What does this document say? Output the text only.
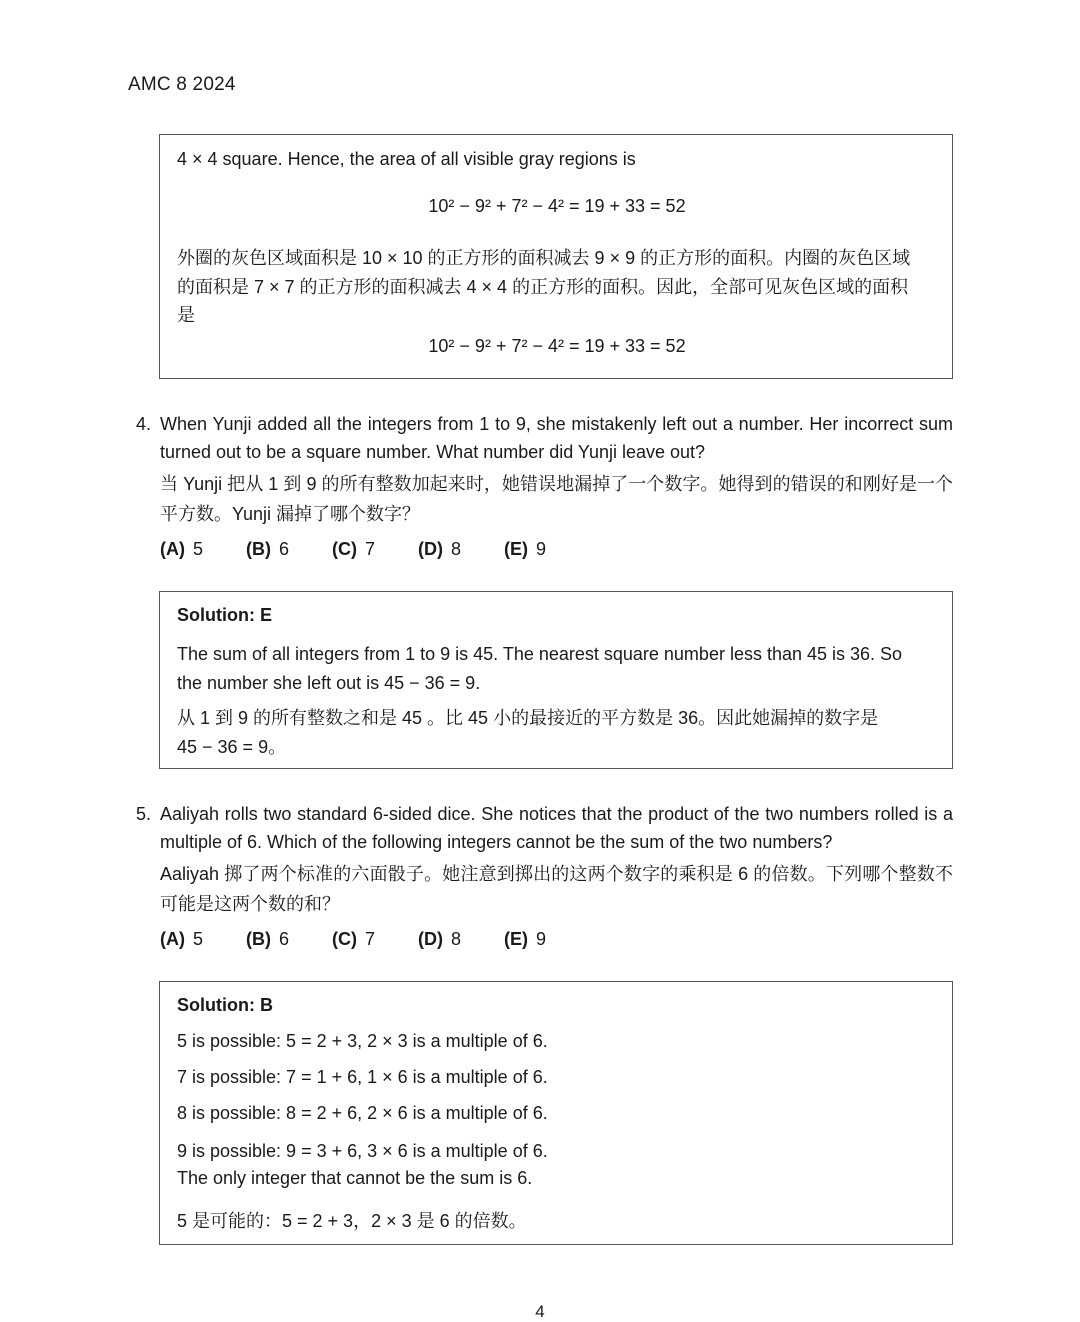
AMC 8 2024
4 × 4 square. Hence, the area of all visible gray regions is
10² − 9² + 7² − 4² = 19 + 33 = 52
外圈的灰色区域面积是 10 × 10 的正方形的面积减去 9 × 9 的正方形的面积。内圈的灰色区域
的面积是 7 × 7 的正方形的面积减去 4 × 4 的正方形的面积。因此，全部可见灰色区域的面积
是
10² − 9² + 7² − 4² = 19 + 33 = 52
4. When Yunji added all the integers from 1 to 9, she mistakenly left out a number. Her incorrect sum turned out to be a square number. What number did Yunji leave out?
当 Yunji 把从 1 到 9 的所有整数加起来时，她错误地漏掉了一个数字。她得到的错误的和刚好是一个平方数。Yunji 漏掉了哪个数字？
(A) 5	(B) 6	(C) 7	(D) 8	(E) 9
Solution: E
The sum of all integers from 1 to 9 is 45. The nearest square number less than 45 is 36. So
the number she left out is 45 − 36 = 9.
从 1 到 9 的所有整数之和是 45 。比 45 小的最接近的平方数是 36。因此她漏掉的数字是
45 − 36 = 9。
5. Aaliyah rolls two standard 6-sided dice. She notices that the product of the two numbers rolled is a multiple of 6. Which of the following integers cannot be the sum of the two numbers?
Aaliyah 掷了两个标准的六面骰子。她注意到掷出的这两个数字的乘积是 6 的倍数。下列哪个整数不可能是这两个数的和？
(A) 5	(B) 6	(C) 7	(D) 8	(E) 9
Solution: B
5 is possible: 5 = 2 + 3, 2 × 3 is a multiple of 6.
7 is possible: 7 = 1 + 6, 1 × 6 is a multiple of 6.
8 is possible: 8 = 2 + 6, 2 × 6 is a multiple of 6.
9 is possible: 9 = 3 + 6, 3 × 6 is a multiple of 6.
The only integer that cannot be the sum is 6.
5 是可能的：5 = 2 + 3，2 × 3 是 6 的倍数。
4
